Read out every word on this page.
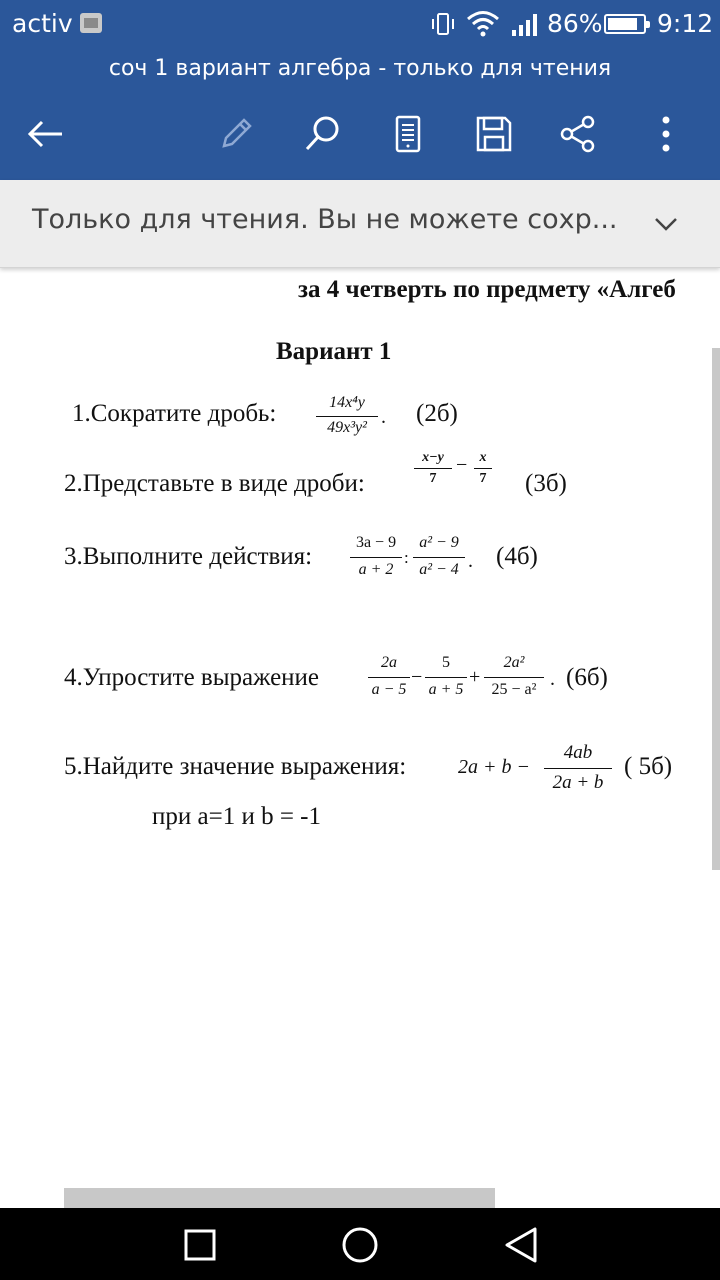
activ	86% 9:12
соч 1 вариант алгебра - только для чтения
Только для чтения. Вы не можете сохр...
за 4 четверть по предмету «Алгеб
Вариант 1
1.Сократите дробь:	14x⁴y
49x³y² . (2б)
2.Представьте в виде дроби:
x−y
7
− x
7 (3б)
3.Выполните действия:
3a − 9
a + 2
:
a² − 9
a² − 4 . (4б)
4.Упростите выражение
2a
a − 5
−
5
a + 5
+
2a²
25 − a² . (6б)
5.Найдите значение выражения:	2a + b −
4ab
2a + b
( 5б)
при a=1 и b = -1
